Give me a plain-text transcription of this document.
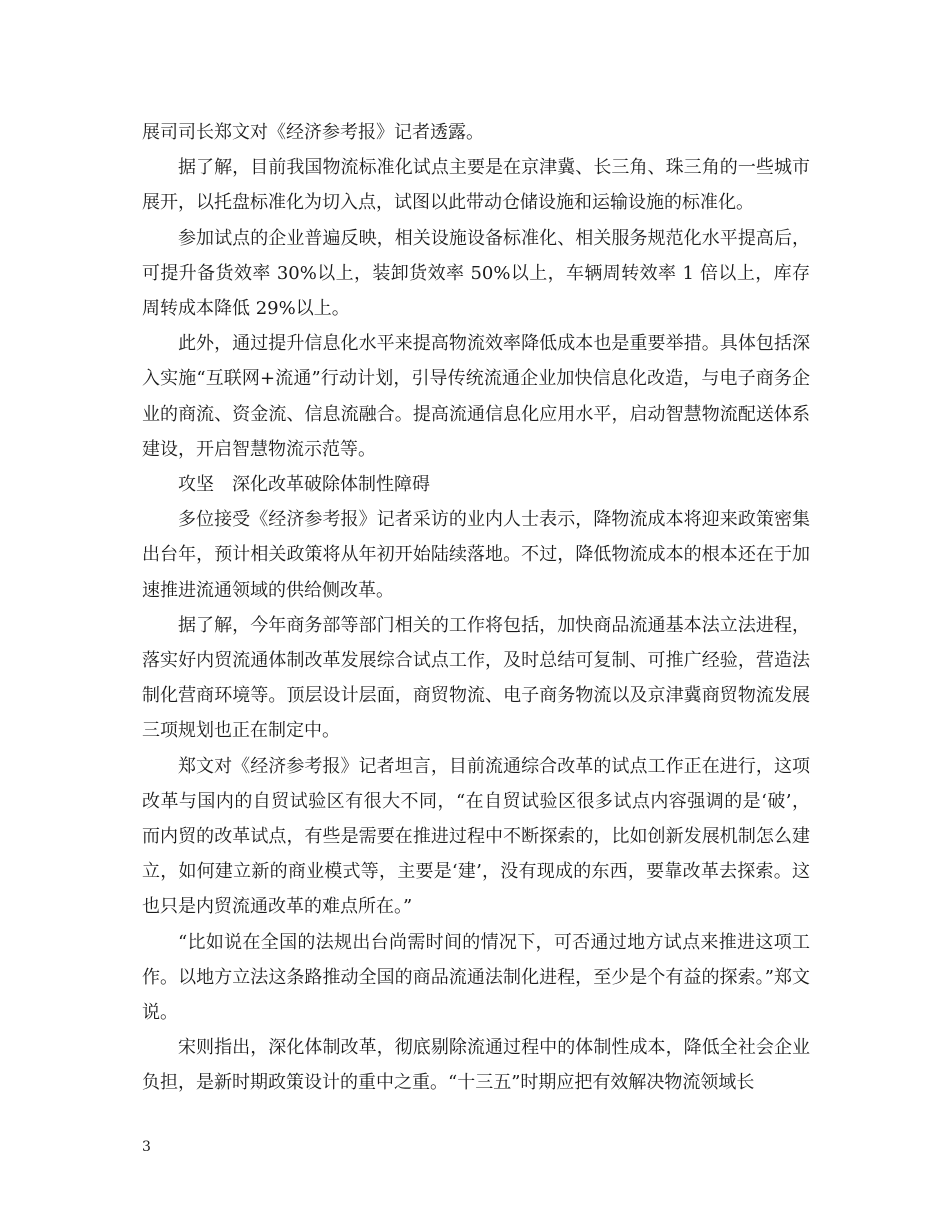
展司司长郑文对《经济参考报》记者透露。

据了解，目前我国物流标准化试点主要是在京津冀、长三角、珠三角的一些城市展开，以托盘标准化为切入点，试图以此带动仓储设施和运输设施的标准化。

参加试点的企业普遍反映，相关设施设备标准化、相关服务规范化水平提高后，可提升备货效率 30%以上，装卸货效率 50%以上，车辆周转效率 1 倍以上，库存周转成本降低 29%以上。

此外，通过提升信息化水平来提高物流效率降低成本也是重要举措。具体包括深入实施“互联网+流通”行动计划，引导传统流通企业加快信息化改造，与电子商务企业的商流、资金流、信息流融合。提高流通信息化应用水平，启动智慧物流配送体系建设，开启智慧物流示范等。

攻坚　深化改革破除体制性障碍

多位接受《经济参考报》记者采访的业内人士表示，降物流成本将迎来政策密集出台年，预计相关政策将从年初开始陆续落地。不过，降低物流成本的根本还在于加速推进流通领域的供给侧改革。

据了解，今年商务部等部门相关的工作将包括，加快商品流通基本法立法进程，落实好内贸流通体制改革发展综合试点工作，及时总结可复制、可推广经验，营造法制化营商环境等。顶层设计层面，商贸物流、电子商务物流以及京津冀商贸物流发展三项规划也正在制定中。

郑文对《经济参考报》记者坦言，目前流通综合改革的试点工作正在进行，这项改革与国内的自贸试验区有很大不同，“在自贸试验区很多试点内容强调的是‘破’，而内贸的改革试点，有些是需要在推进过程中不断探索的，比如创新发展机制怎么建立，如何建立新的商业模式等，主要是‘建’，没有现成的东西，要靠改革去探索。这也只是内贸流通改革的难点所在。”

“比如说在全国的法规出台尚需时间的情况下，可否通过地方试点来推进这项工作。以地方立法这条路推动全国的商品流通法制化进程，至少是个有益的探索。”郑文说。

宋则指出，深化体制改革，彻底剔除流通过程中的体制性成本，降低全社会企业负担，是新时期政策设计的重中之重。“十三五”时期应把有效解决物流领域长

3
